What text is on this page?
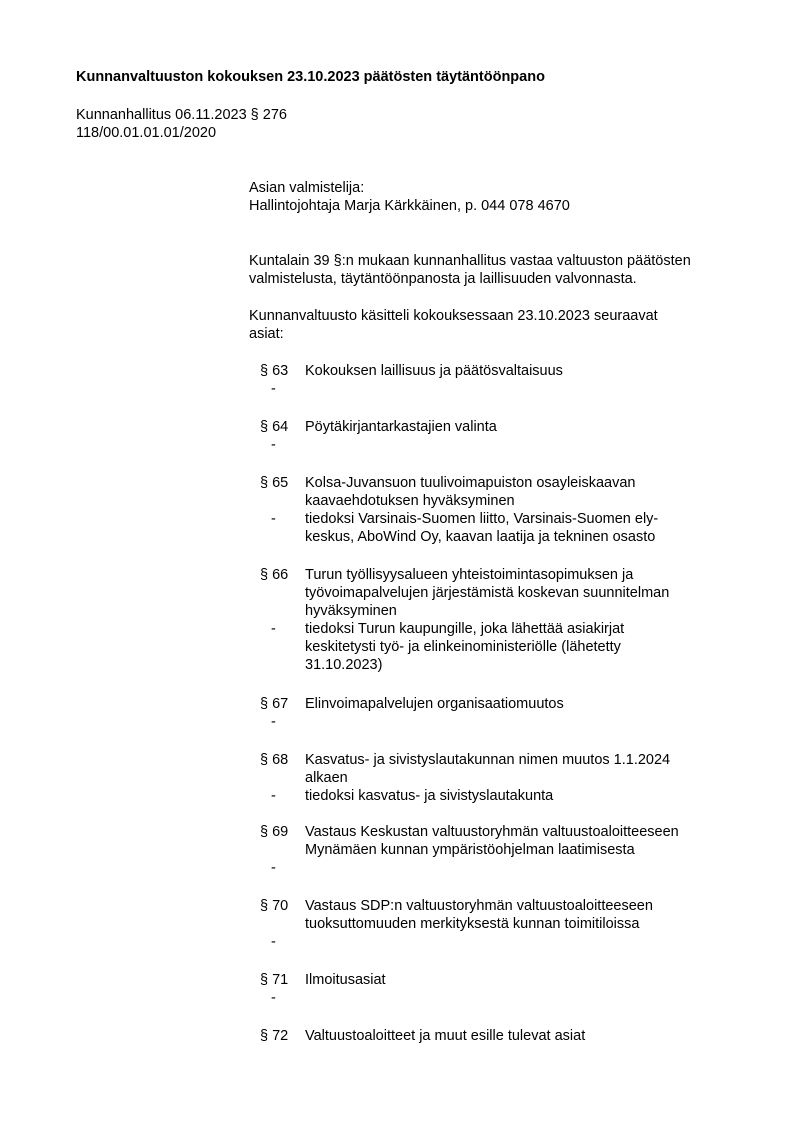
Kunnanvaltuuston kokouksen 23.10.2023 päätösten täytäntöönpano
Kunnanhallitus 06.11.2023 § 276
118/00.01.01.01/2020
Asian valmistelija:
Hallintojohtaja Marja Kärkkäinen, p. 044 078 4670
Kuntalain 39 §:n mukaan kunnanhallitus vastaa valtuuston päätösten
valmistelusta, täytäntöönpanosta ja laillisuuden valvonnasta.
Kunnanvaltuusto käsitteli kokouksessaan 23.10.2023 seuraavat
asiat:
§ 63 Kokouksen laillisuus ja päätösvaltaisuus
-
§ 64 Pöytäkirjantarkastajien valinta
-
§ 65 Kolsa-Juvansuon tuulivoimapuiston osayleiskaavan
kaavaehdotuksen hyväksyminen
- tiedoksi Varsinais-Suomen liitto, Varsinais-Suomen ely-
keskus, AboWind Oy, kaavan laatija ja tekninen osasto
§ 66 Turun työllisyysalueen yhteistoimintasopimuksen ja
työvoimapalvelujen järjestämistä koskevan suunnitelman
hyväksyminen
- tiedoksi Turun kaupungille, joka lähettää asiakirjat
keskitetysti työ- ja elinkeinoministeriölle (lähetetty
31.10.2023)
§ 67 Elinvoimapalvelujen organisaatiomuutos
-
§ 68 Kasvatus- ja sivistyslautakunnan nimen muutos 1.1.2024
alkaen
- tiedoksi kasvatus- ja sivistyslautakunta
§ 69 Vastaus Keskustan valtuustoryhmän valtuustoaloitteeseen
Mynämäen kunnan ympäristöohjelman laatimisesta
-
§ 70 Vastaus SDP:n valtuustoryhmän valtuustoaloitteeseen
tuoksuttomuuden merkityksestä kunnan toimitiloissa
-
§ 71 Ilmoitusasiat
-
§ 72 Valtuustoaloitteet ja muut esille tulevat asiat
